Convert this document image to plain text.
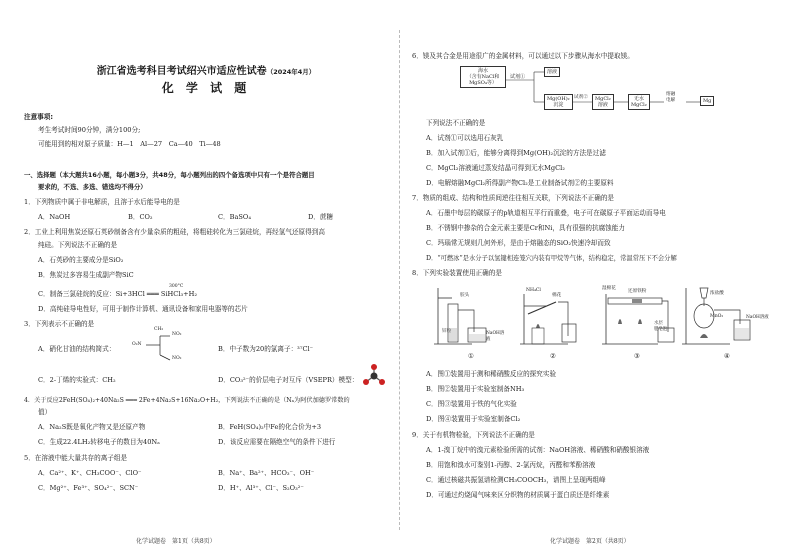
浙江省选考科目考试绍兴市适应性试卷（2024年4月）
化 学 试 题
注意事项:
考生考试时间90分钟，满分100分;
可能用到的相对原子质量：H—1　Al—27　Ca—40　Ti—48
一、选择题（本大题共16小题，每小题3分，共48分，每小题列出的四个备选项中只有一个是符合题目
要求的，不选、多选、错选均不得分）
1．下列物质中属于非电解质，且溶于水后能导电的是
A．NaOH	B．CO₂	C．BaSO₄	D．蔗糖
2．工业上利用焦炭还原石英砂制备含有少量杂质的粗硅，将粗硅转化为三氯硅烷，再经氢气还原得到高
纯硅。下列说法不正确的是
A．石英砂的主要成分是SiO₂
B．焦炭过多容易生成副产物SiC
300°C
C．制备三氯硅烷的反应：Si+3HCl ═══ SiHCl₃+H₂
D．高纯硅导电性好，可用于制作计算机、通讯设备和家用电器等的芯片
3．下列表示不正确的是
A．硝化甘油的结构简式：
CH₂
NO₂
O₂N
NO₂
B．中子数为20的氯离子：³⁷Cl⁻
C．2-丁烯的实验式：CH₂	D．CO₃²⁻的价层电子对互斥（VSEPR）模型：
4．关于反应2FeH(SO₄)₂+40Na₂S ═══ 2Fe+4Na₂S+16Na₂O+H₂，下列说法不正确的是（Nₐ为阿伏加德罗常数的
值）
A．Na₂S既是氧化产物又是还原产物	B．FeH(SO₄)₂中Fe的化合价为+3
C．生成22.4LH₂转移电子的数目为40Nₐ	D．该反应需要在隔绝空气的条件下进行
5．在溶液中能大量共存的离子组是
A．Ca²⁺、K⁺、CH₃COO⁻、ClO⁻	B．Na⁺、Ba²⁺、HCO₃⁻、OH⁻
C．Mg²⁺、Fe³⁺、SO₄²⁻、SCN⁻	D．H⁺、Al³⁺、Cl⁻、S₂O₃²⁻
化学试题卷　第1页（共8页）
6．镁及其合金是用途很广的金属材料，可以通过以下步骤从海水中提取镁。
海水
（含有NaCl和
MgSO₄等）
试剂①
溶液
Mg(OH)₂
沉淀
试剂② MgCl₂
溶液
无水
MgCl₂
熔融
电解	Mg
下列说法不正确的是
A．试剂①可以选用石灰乳
B．加入试剂①后，能够分离得到Mg(OH)₂沉淀的方法是过滤
C．MgCl₂溶液通过蒸发结晶可得到无水MgCl₂
D．电解熔融MgCl₂所得副产物Cl₂是工业制备试剂②的主要原料
7．物质的组成、结构和性质间逆往往相互关联，下列说法不正确的是
A．石墨中每层的碳原子的p轨道相互平行而重叠，电子可在碳原子平面运动而导电
B．不锈钢中掺杂的合金元素主要是Cr和Ni，具有很强的抗腐蚀能力
C．玛瑙常无规则几何外形，是由于熔融态的SiO₂快速冷却而致
D．“可燃冰”是水分子以氢键相连笼穴内装有甲烷等气体，结构稳定，常温常压下不会分解
8．下列实验装置使用正确的是
胶头
锌粒	NaOH溶液
NH₄Cl
棉花
湿棉花
还原铁粉
水层
肥皂泡
浓盐酸
MnO₂	NaOH溶液
①	②	③	④
A．图①装置用于测和稀硝酸反应的探究实验
B．图②装置用于实验室制备NH₃
C．图③装置用于铁的气化实验
D．图④装置用于实验室制备Cl₂
9．关于有机物检验，下列说法不正确的是
A．1-溴丁烷中的溴元素检验所需的试剂：NaOH溶液、稀硝酸和硝酸银溶液
B．用饱和溴水可鉴别1-丙醇、2-氯丙烷，丙醛和苯酚溶液
C．通过核磁共振氢谱检测CH₃COOCH₃，谱图上呈现两组峰
D．可通过灼烧闻气味来区分织物的材质属于蛋白质还是纤维素
化学试题卷　第2页（共8页）
